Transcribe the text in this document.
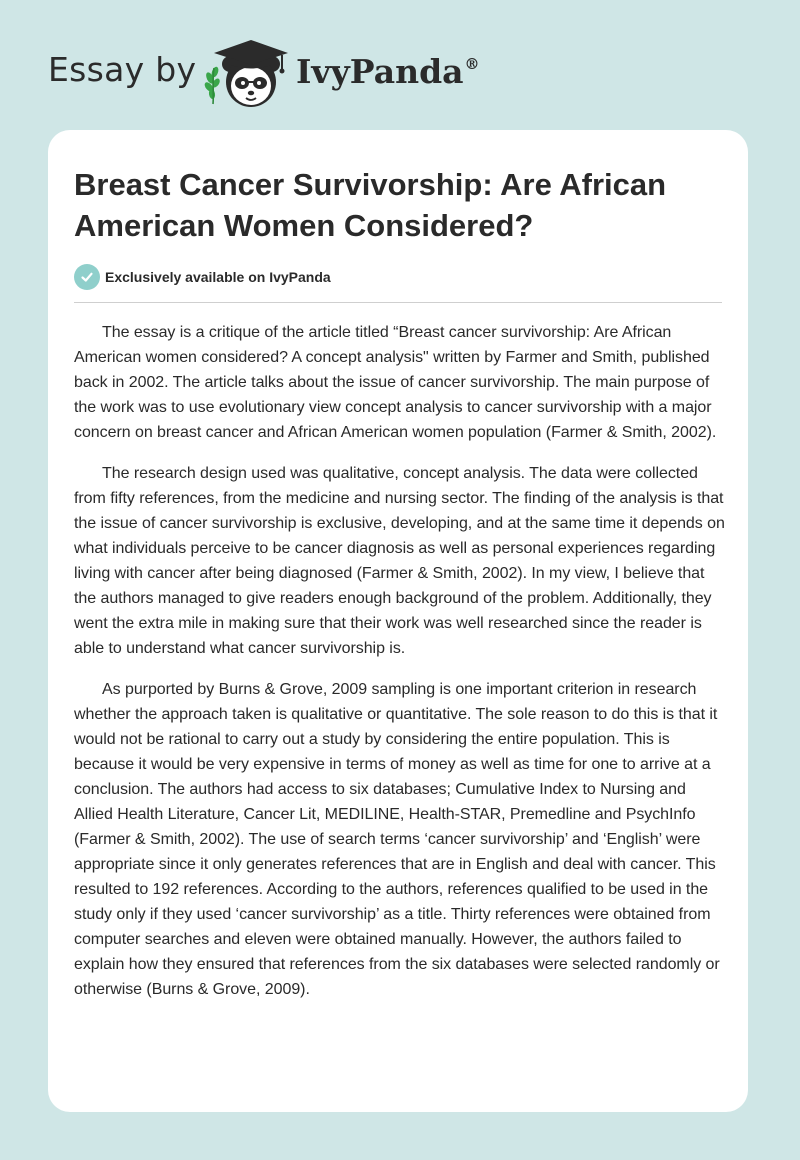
Essay by	IvyPanda®
Breast Cancer Survivorship: Are African American Women Considered?
Exclusively available on IvyPanda

The essay is a critique of the article titled “Breast cancer survivorship: Are African American women considered? A concept analysis" written by Farmer and Smith, published back in 2002. The article talks about the issue of cancer survivorship. The main purpose of the work was to use evolutionary view concept analysis to cancer survivorship with a major concern on breast cancer and African American women population (Farmer & Smith, 2002).

The research design used was qualitative, concept analysis. The data were collected from fifty references, from the medicine and nursing sector. The finding of the analysis is that the issue of cancer survivorship is exclusive, developing, and at the same time it depends on what individuals perceive to be cancer diagnosis as well as personal experiences regarding living with cancer after being diagnosed (Farmer & Smith, 2002). In my view, I believe that the authors managed to give readers enough background of the problem. Additionally, they went the extra mile in making sure that their work was well researched since the reader is able to understand what cancer survivorship is.

As purported by Burns & Grove, 2009 sampling is one important criterion in research whether the approach taken is qualitative or quantitative. The sole reason to do this is that it would not be rational to carry out a study by considering the entire population. This is because it would be very expensive in terms of money as well as time for one to arrive at a conclusion. The authors had access to six databases; Cumulative Index to Nursing and Allied Health Literature, Cancer Lit, MEDILINE, Health-STAR, Premedline and PsychInfo (Farmer & Smith, 2002). The use of search terms ‘cancer survivorship’ and ‘English’ were appropriate since it only generates references that are in English and deal with cancer. This resulted to 192 references. According to the authors, references qualified to be used in the study only if they used ‘cancer survivorship’ as a title. Thirty references were obtained from computer searches and eleven were obtained manually. However, the authors failed to explain how they ensured that references from the six databases were selected randomly or otherwise (Burns & Grove, 2009).
